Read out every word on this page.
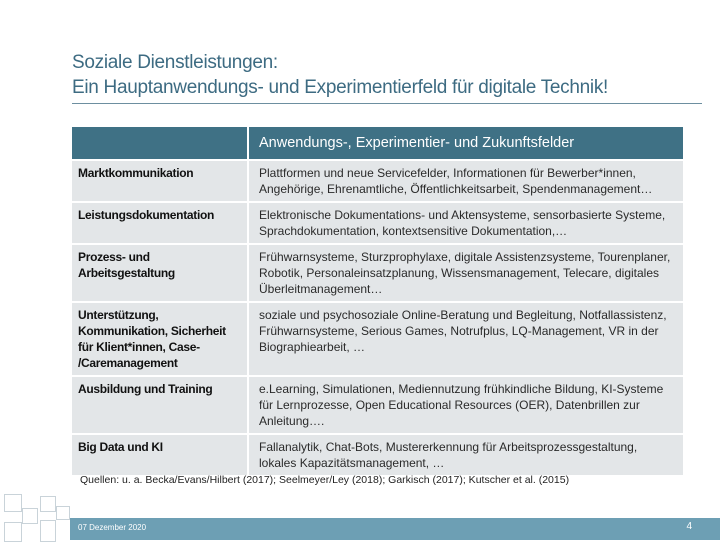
Soziale Dienstleistungen:
Ein Hauptanwendungs- und Experimentierfeld für digitale Technik!
	Anwendungs-, Experimentier- und Zukunftsfelder

Marktkommunikation	Plattformen und neue Servicefelder, Informationen für Bewerber*innen, Angehörige, Ehrenamtliche, Öffentlichkeitsarbeit, Spendenmanagement…

Leistungsdokumentation	Elektronische Dokumentations- und Aktensysteme, sensorbasierte Systeme, Sprachdokumentation, kontextsensitive Dokumentation,…

Prozess- und
Arbeitsgestaltung	Frühwarnsysteme, Sturzprophylaxe, digitale Assistenzsysteme, Tourenplaner, Robotik, Personaleinsatzplanung, Wissensmanagement, Telecare, digitales Überleitmanagement…

Unterstützung,
Kommunikation, Sicherheit
für Klient*innen, Case-
/Caremanagement	soziale und psychosoziale Online-Beratung und Begleitung, Notfallassistenz, Frühwarnsysteme, Serious Games, Notrufplus, LQ-Management, VR in der Biographiearbeit, …

Ausbildung und Training	e.Learning, Simulationen, Mediennutzung frühkindliche Bildung, KI-Systeme für Lernprozesse, Open Educational Resources (OER), Datenbrillen zur Anleitung….

Big Data und KI	Fallanalytik, Chat-Bots, Mustererkennung für Arbeitsprozessgestaltung, lokales Kapazitätsmanagement, …
Quellen: u. a. Becka/Evans/Hilbert (2017); Seelmeyer/Ley (2018); Garkisch (2017); Kutscher et al. (2015)
07 Dezember 2020	4
